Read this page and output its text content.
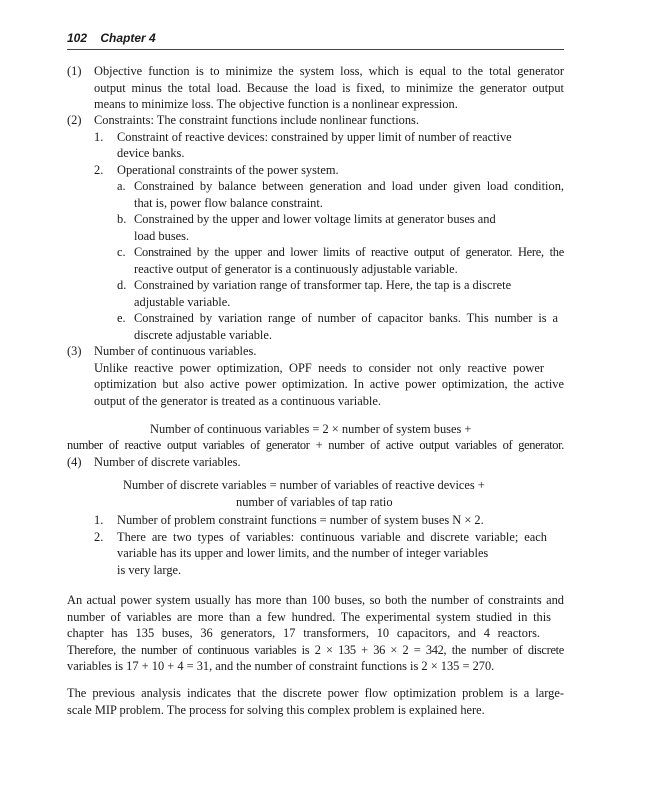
102 Chapter 4
(1) Objective function is to minimize the system loss, which is equal to the total generator
output minus the total load. Because the load is fixed, to minimize the generator output
means to minimize loss. The objective function is a nonlinear expression.
(2) Constraints: The constraint functions include nonlinear functions.
1. Constraint of reactive devices: constrained by upper limit of number of reactive
device banks.
2. Operational constraints of the power system.
a. Constrained by balance between generation and load under given load condition,
that is, power flow balance constraint.
b. Constrained by the upper and lower voltage limits at generator buses and
load buses.
c. Constrained by the upper and lower limits of reactive output of generator. Here, the
reactive output of generator is a continuously adjustable variable.
d. Constrained by variation range of transformer tap. Here, the tap is a discrete
adjustable variable.
e. Constrained by variation range of number of capacitor banks. This number is a
discrete adjustable variable.
(3) Number of continuous variables.
Unlike reactive power optimization, OPF needs to consider not only reactive power
optimization but also active power optimization. In active power optimization, the active
output of the generator is treated as a continuous variable.
Number of continuous variables = 2 × number of system buses +
number of reactive output variables of generator + number of active output variables of generator.
(4) Number of discrete variables.
Number of discrete variables = number of variables of reactive devices +
number of variables of tap ratio
1. Number of problem constraint functions = number of system buses N × 2.
2. There are two types of variables: continuous variable and discrete variable; each
variable has its upper and lower limits, and the number of integer variables
is very large.
An actual power system usually has more than 100 buses, so both the number of constraints and
number of variables are more than a few hundred. The experimental system studied in this
chapter has 135 buses, 36 generators, 17 transformers, 10 capacitors, and 4 reactors.
Therefore, the number of continuous variables is 2 × 135 + 36 × 2 = 342, the number of discrete
variables is 17 + 10 + 4 = 31, and the number of constraint functions is 2 × 135 = 270.
The previous analysis indicates that the discrete power flow optimization problem is a large-
scale MIP problem. The process for solving this complex problem is explained here.
